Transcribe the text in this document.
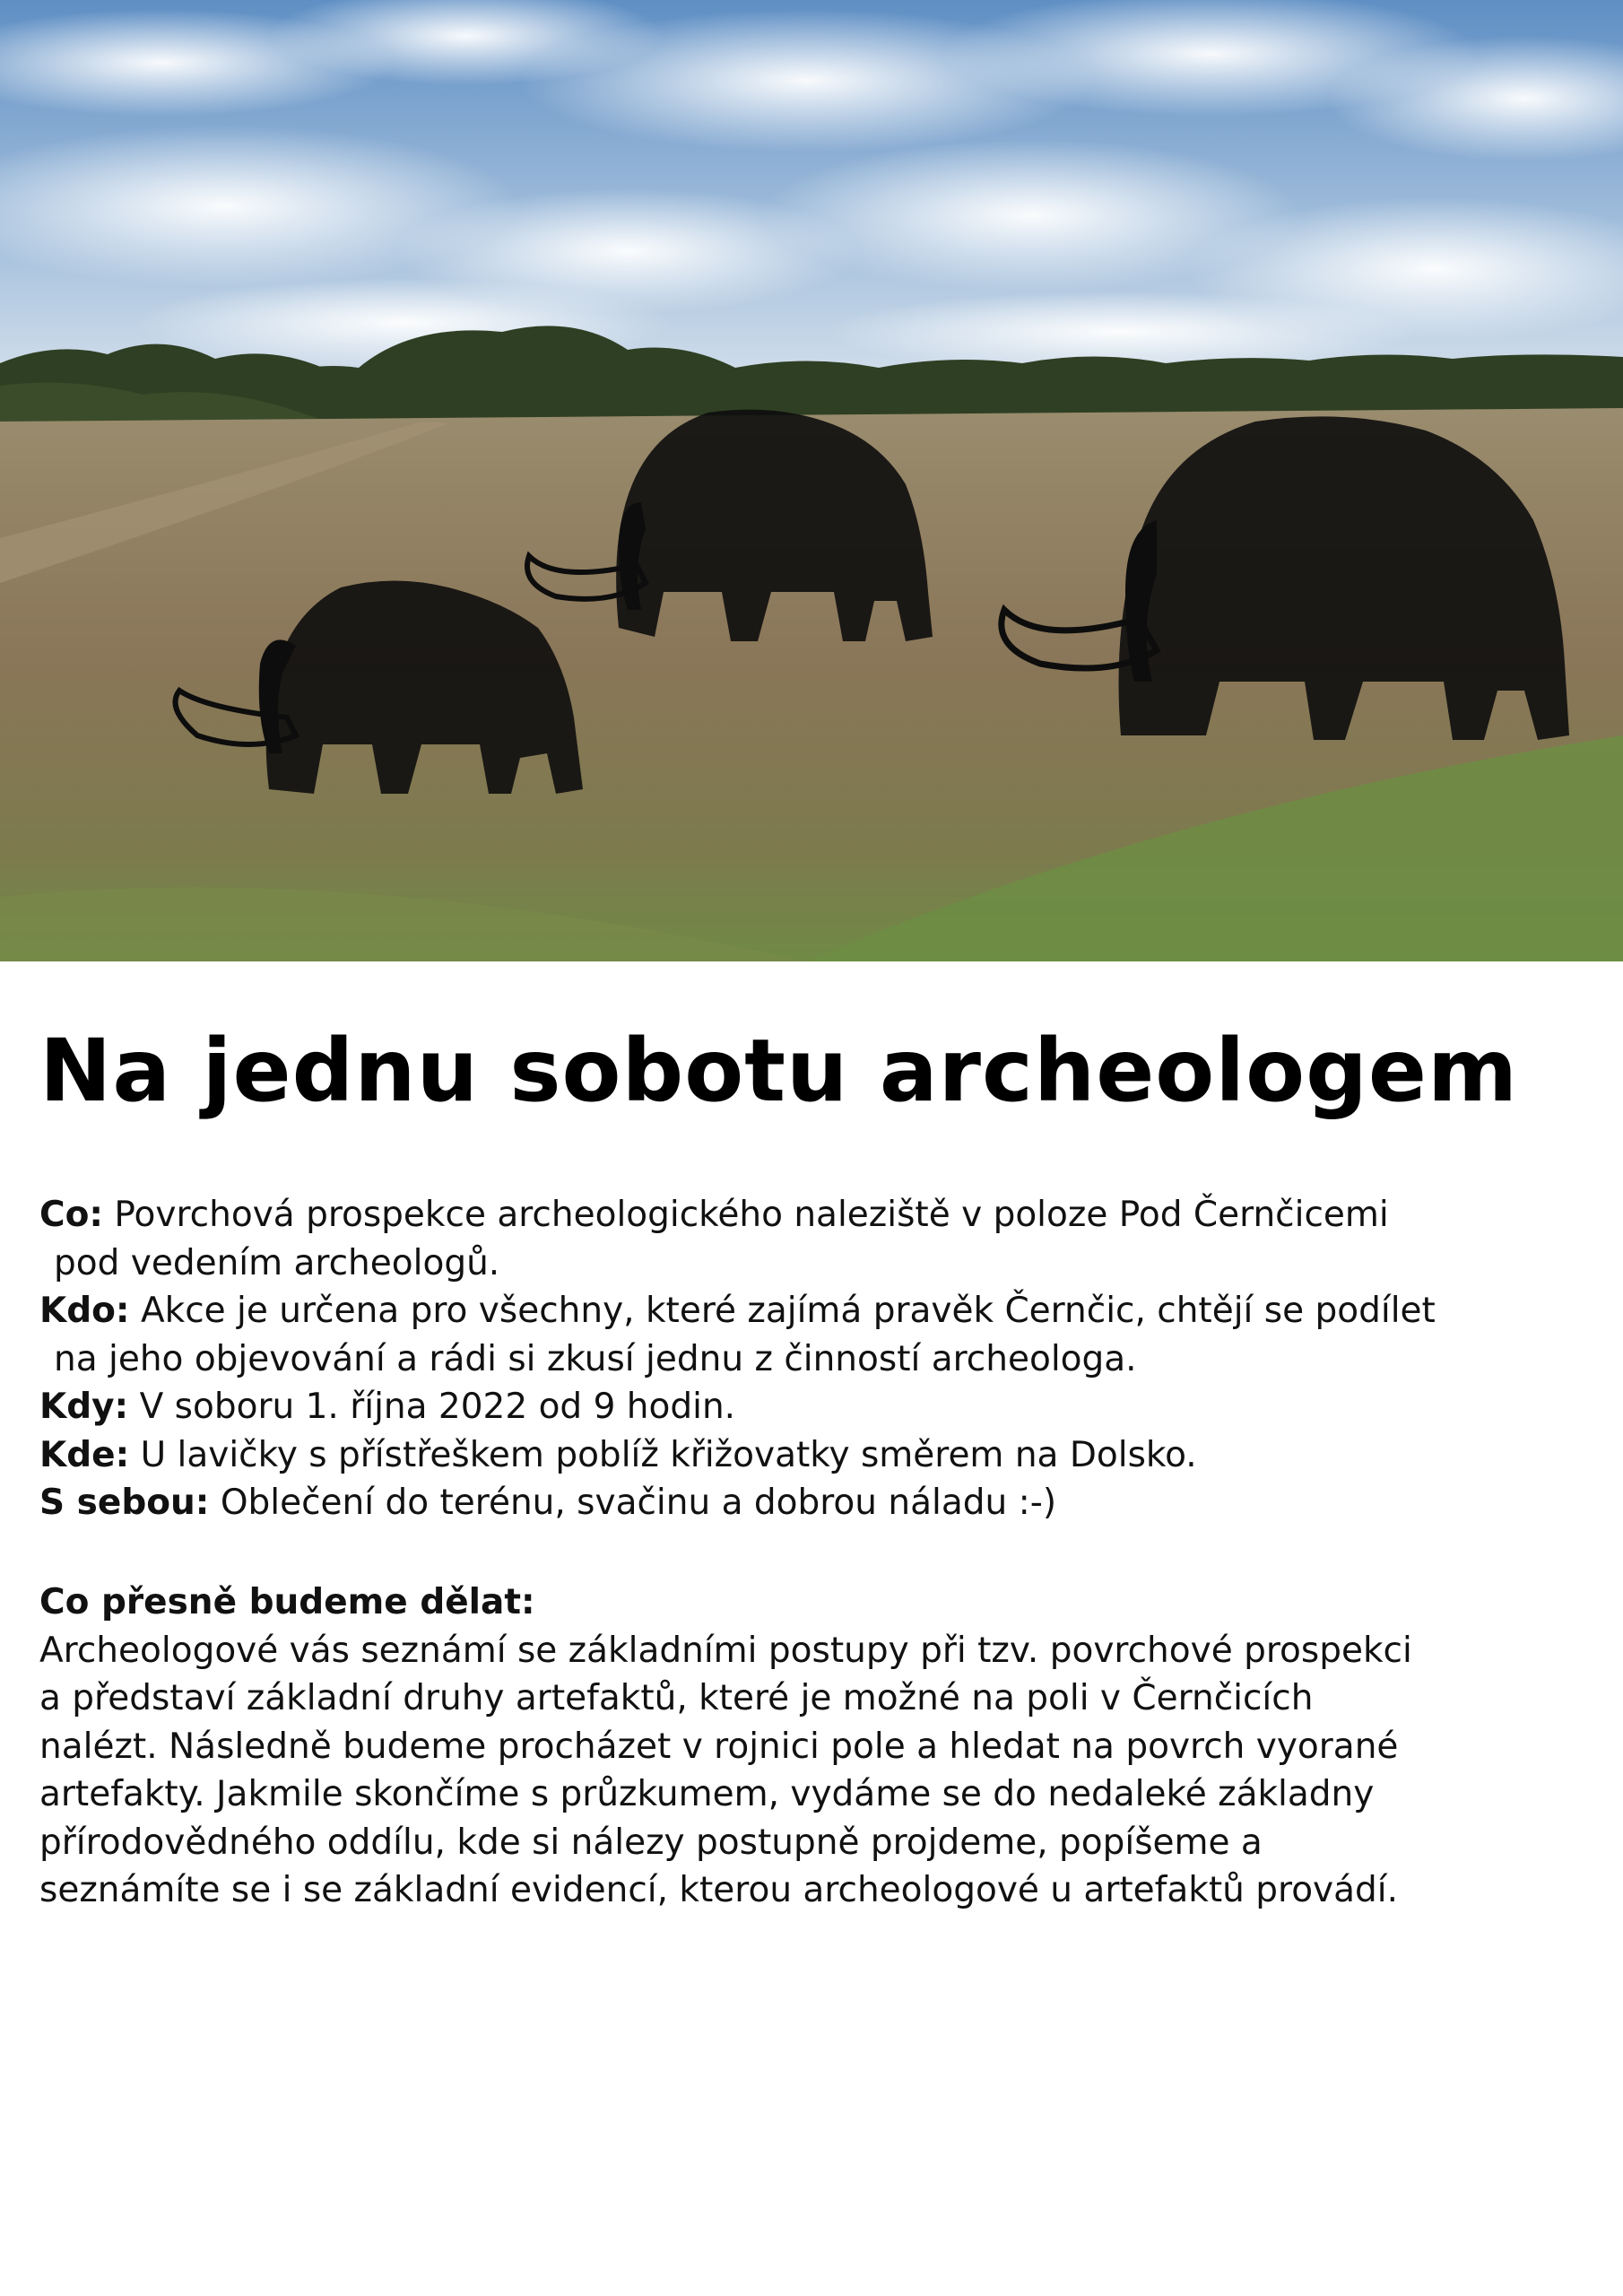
Na jednu sobotu archeologem

Co: Povrchová prospekce archeologického naleziště v poloze Pod Černčicemi
pod vedením archeologů.

Kdo: Akce je určena pro všechny, které zajímá pravěk Černčic, chtějí se podílet
na jeho objevování a rádi si zkusí jednu z činností archeologa.

Kdy: V soboru 1. října 2022 od 9 hodin.

Kde: U lavičky s přístřeškem poblíž křižovatky směrem na Dolsko.

S sebou: Oblečení do terénu, svačinu a dobrou náladu :-)

Co přesně budeme dělat:

Archeologové vás seznámí se základními postupy při tzv. povrchové prospekci

a představí základní druhy artefaktů, které je možné na poli v Černčicích

nalézt. Následně budeme procházet v rojnici pole a hledat na povrch vyorané

artefakty. Jakmile skončíme s průzkumem, vydáme se do nedaleké základny

přírodovědného oddílu, kde si nálezy postupně projdeme, popíšeme a

seznámíte se i se základní evidencí, kterou archeologové u artefaktů provádí.
